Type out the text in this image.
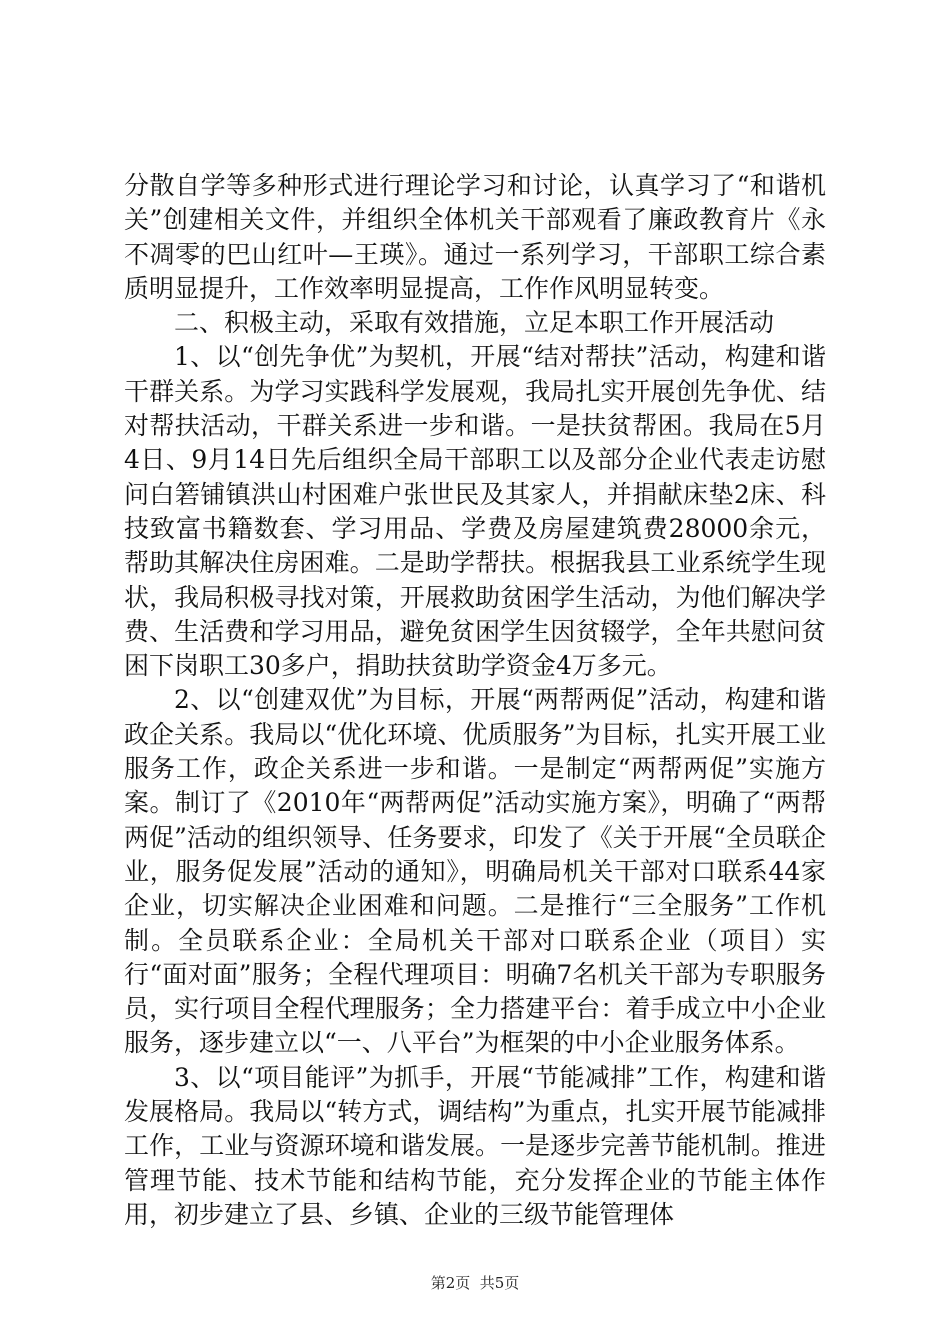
分散自学等多种形式进行理论学习和讨论，认真学习了“和谐机关”创建相关文件，并组织全体机关干部观看了廉政教育片《永不凋零的巴山红叶—王瑛》。通过一系列学习，干部职工综合素质明显提升，工作效率明显提高，工作作风明显转变。

二、积极主动，采取有效措施，立足本职工作开展活动

1、以“创先争优”为契机，开展“结对帮扶”活动，构建和谐干群关系。为学习实践科学发展观，我局扎实开展创先争优、结对帮扶活动，干群关系进一步和谐。一是扶贫帮困。我局在5月4日、9月14日先后组织全局干部职工以及部分企业代表走访慰问白箬铺镇洪山村困难户张世民及其家人，并捐献床垫2床、科技致富书籍数套、学习用品、学费及房屋建筑费28000余元，帮助其解决住房困难。二是助学帮扶。根据我县工业系统学生现状，我局积极寻找对策，开展救助贫困学生活动，为他们解决学费、生活费和学习用品，避免贫困学生因贫辍学，全年共慰问贫困下岗职工30多户，捐助扶贫助学资金4万多元。

2、以“创建双优”为目标，开展“两帮两促”活动，构建和谐政企关系。我局以“优化环境、优质服务”为目标，扎实开展工业服务工作，政企关系进一步和谐。一是制定“两帮两促”实施方案。制订了《2010年“两帮两促”活动实施方案》，明确了“两帮两促”活动的组织领导、任务要求，印发了《关于开展“全员联企业，服务促发展”活动的通知》，明确局机关干部对口联系44家企业，切实解决企业困难和问题。二是推行“三全服务”工作机制。全员联系企业：全局机关干部对口联系企业（项目）实行“面对面”服务；全程代理项目：明确7名机关干部为专职服务员，实行项目全程代理服务；全力搭建平台：着手成立中小企业服务，逐步建立以“一、八平台”为框架的中小企业服务体系。

3、以“项目能评”为抓手，开展“节能减排”工作，构建和谐发展格局。我局以“转方式，调结构”为重点，扎实开展节能减排工作，工业与资源环境和谐发展。一是逐步完善节能机制。推进管理节能、技术节能和结构节能，充分发挥企业的节能主体作用，初步建立了县、乡镇、企业的三级节能管理体

第2页  共5页
